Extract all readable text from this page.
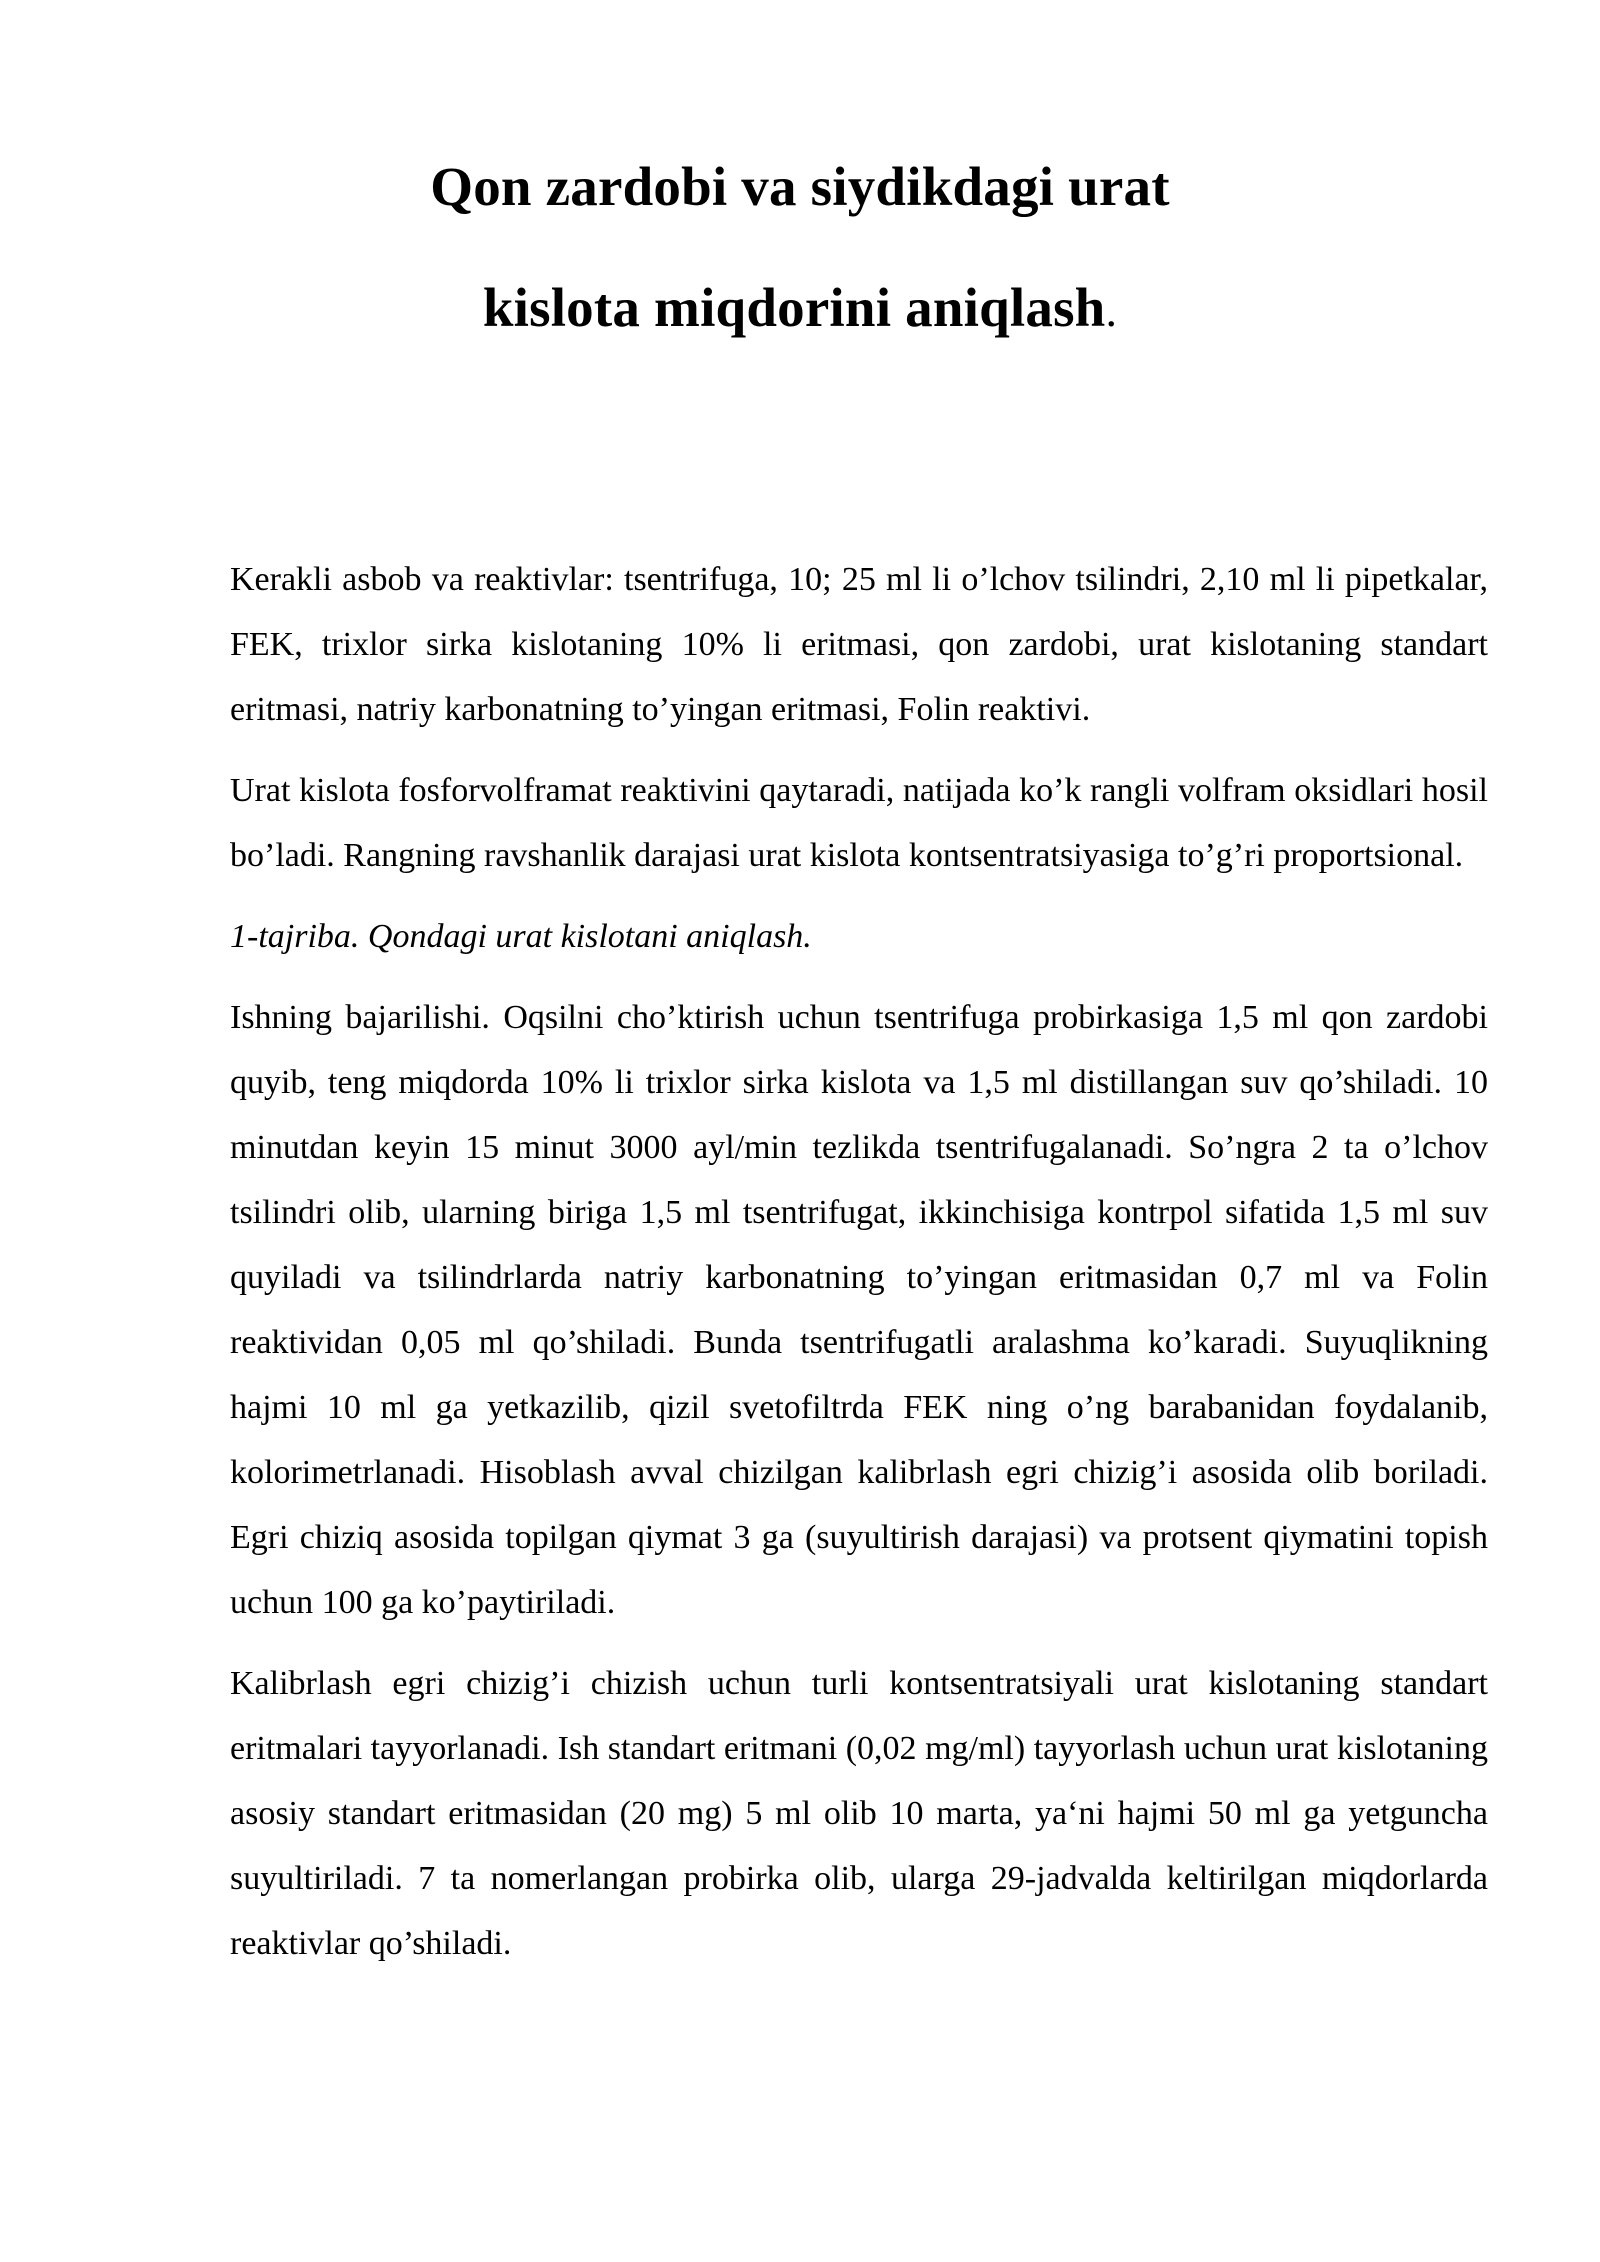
Qon zardobi va siydikdagi urat
kislota miqdorini aniqlash.

Kerakli asbob va reaktivlar: tsentrifuga, 10; 25 ml li o’lchov tsilindri, 2,10 ml li pipetkalar, FEK, trixlor sirka kislotaning 10% li eritmasi, qon zardobi, urat kislotaning standart eritmasi, natriy karbonatning to’yingan eritmasi, Folin reaktivi.

Urat kislota fosforvolframat reaktivini qaytaradi, natijada ko’k rangli volfram oksidlari hosil bo’ladi. Rangning ravshanlik darajasi urat kislota kontsentratsiyasiga to’g’ri proportsional.

1-tajriba. Qondagi urat kislotani aniqlash.

Ishning bajarilishi. Oqsilni cho’ktirish uchun tsentrifuga probirkasiga 1,5 ml qon zardobi quyib, teng miqdorda 10% li trixlor sirka kislota va 1,5 ml distillangan suv qo’shiladi. 10 minutdan keyin 15 minut 3000 ayl/min tezlikda tsentrifugalanadi. So’ngra 2 ta o’lchov tsilindri olib, ularning biriga 1,5 ml tsentrifugat, ikkinchisiga kontrpol sifatida 1,5 ml suv quyiladi va tsilindrlarda natriy karbonatning to’yingan eritmasidan 0,7 ml va Folin reaktividan 0,05 ml qo’shiladi. Bunda tsentrifugatli aralashma ko’karadi. Suyuqlikning hajmi 10 ml ga yetkazilib, qizil svetofiltrda FEK ning o’ng barabanidan foydalanib, kolorimetrlanadi. Hisoblash avval chizilgan kalibrlash egri chizig’i asosida olib boriladi. Egri chiziq asosida topilgan qiymat 3 ga (suyultirish darajasi) va protsent qiymatini topish uchun 100 ga ko’paytiriladi.

Kalibrlash egri chizig’i chizish uchun turli kontsentratsiyali urat kislotaning standart eritmalari tayyorlanadi. Ish standart eritmani (0,02 mg/ml) tayyorlash uchun urat kislotaning asosiy standart eritmasidan (20 mg) 5 ml olib 10 marta, ya‘ni hajmi 50 ml ga yetguncha suyultiriladi. 7 ta nomerlangan probirka olib, ularga 29-jadvalda keltirilgan miqdorlarda reaktivlar qo’shiladi.
